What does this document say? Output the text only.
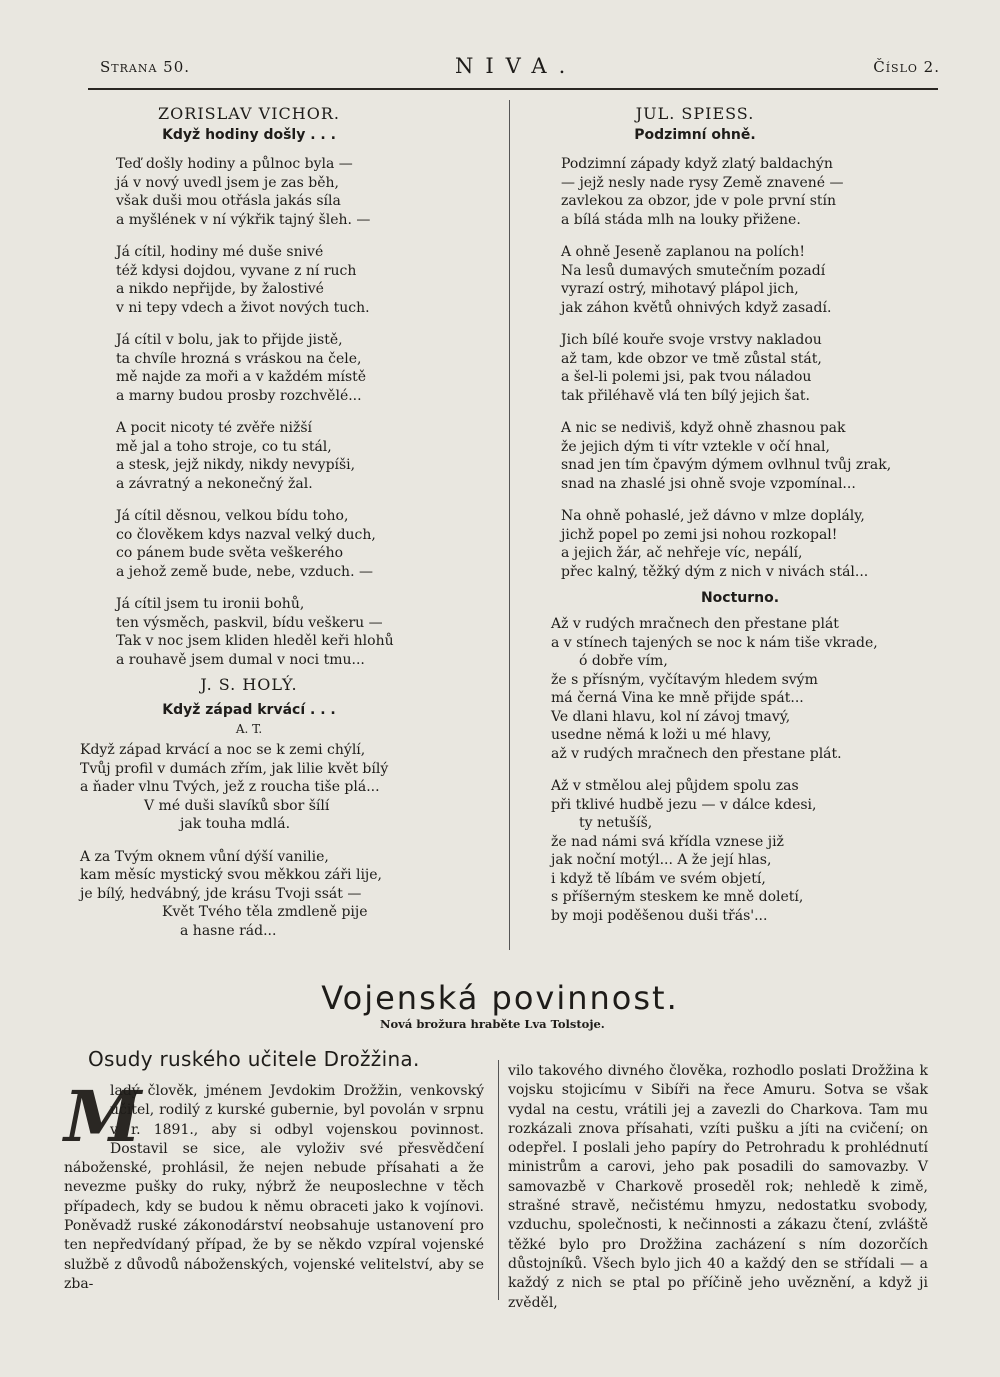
Strana 50.	NIVA.	Číslo 2.
ZORISLAV VICHOR.
Když hodiny došly . . .
Teď došly hodiny a půlnoc byla —
já v nový uvedl jsem je zas běh,
však duši mou otřásla jakás síla
a myšlének v ní výkřik tajný šleh. —
Já cítil, hodiny mé duše snivé
též kdysi dojdou, vyvane z ní ruch
a nikdo nepřijde, by žalostivé
v ni tepy vdech a život nových tuch.
Já cítil v bolu, jak to přijde jistě,
ta chvíle hrozná s vráskou na čele,
mě najde za moři a v každém místě
a marny budou prosby rozchvělé...
A pocit nicoty té zvěře nižší
mě jal a toho stroje, co tu stál,
a stesk, jejž nikdy, nikdy nevypíši,
a závratný a nekonečný žal.
Já cítil děsnou, velkou bídu toho,
co člověkem kdys nazval velký duch,
co pánem bude světa veškerého
a jehož země bude, nebe, vzduch. —
Já cítil jsem tu ironii bohů,
ten výsměch, paskvil, bídu veškeru —
Tak v noc jsem kliden hleděl keři hlohů
a rouhavě jsem dumal v noci tmu...
J. S. HOLÝ.
Když západ krvácí . . .
A. T.
Když západ krvácí a noc se k zemi chýlí,
Tvůj profil v dumách zřím, jak lilie květ bílý
a ňader vlnu Tvých, jež z roucha tiše plá...
V mé duši slavíků sbor šílí
jak touha mdlá.
A za Tvým oknem vůní dýší vanilie,
kam měsíc mystický svou měkkou záři lije,
je bílý, hedvábný, jde krásu Tvoji ssát —
Květ Tvého těla zmdleně pije
a hasne rád...
JUL. SPIESS.
Podzimní ohně.
Podzimní západy když zlatý baldachýn
— jejž nesly nade rysy Země znavené —
zavlekou za obzor, jde v pole první stín
a bílá stáda mlh na louky přižene.
A ohně Jeseně zaplanou na polích!
Na lesů dumavých smutečním pozadí
vyrazí ostrý, mihotavý plápol jich,
jak záhon květů ohnivých když zasadí.
Jich bílé kouře svoje vrstvy nakladou
až tam, kde obzor ve tmě zůstal stát,
a šel-li polemi jsi, pak tvou náladou
tak přiléhavě vlá ten bílý jejich šat.
A nic se nediviš, když ohně zhasnou pak
že jejich dým ti vítr vztekle v očí hnal,
snad jen tím čpavým dýmem ovlhnul tvůj zrak,
snad na zhaslé jsi ohně svoje vzpomínal...
Na ohně pohaslé, jež dávno v mlze doplály,
jichž popel po zemi jsi nohou rozkopal!
a jejich žár, ač nehřeje víc, nepálí,
přec kalný, těžký dým z nich v nivách stál...
Nocturno.
Až v rudých mračnech den přestane plát
a v stínech tajených se noc k nám tiše vkrade,
ó dobře vím,
že s přísným, vyčítavým hledem svým
má černá Vina ke mně přijde spát...
Ve dlani hlavu, kol ní závoj tmavý,
usedne němá k loži u mé hlavy,
až v rudých mračnech den přestane plát.
Až v stmělou alej půjdem spolu zas
při tklivé hudbě jezu — v dálce kdesi,
ty netušíš,
že nad námi svá křídla vznese již
jak noční motýl... A že její hlas,
i když tě líbám ve svém objetí,
s příšerným steskem ke mně doletí,
by moji poděšenou duši třás'...
Vojenská povinnost.
Nová brožura hraběte Lva Tolstoje.
Osudy ruského učitele Drožžina.
M
ladý člověk, jménem Jevdokim Drožžin, venkovský učitel, rodilý z kurské gubernie, byl povolán v srpnu v r. 1891., aby si odbyl vojenskou povinnost. Dostavil se sice, ale vyloživ své přesvědčení náboženské, prohlásil, že nejen nebude přísahati a že nevezme pušky do ruky, nýbrž že neuposlechne v těch případech, kdy se budou k němu obraceti jako k vojínovi. Poněvadž ruské zákonodárství neobsahuje ustanovení pro ten nepředvídaný případ, že by se někdo vzpíral vojenské službě z důvodů náboženských, vojenské velitelství, aby se zba-
vilo takového divného člověka, rozhodlo poslati Drožžina k vojsku stojicímu v Sibíři na řece Amuru. Sotva se však vydal na cestu, vrátili jej a zavezli do Charkova. Tam mu rozkázali znova přísahati, vzíti pušku a jíti na cvičení; on odepřel. I poslali jeho papíry do Petrohradu k prohlédnutí ministrům a carovi, jeho pak posadili do samovazby. V samovazbě v Charkově proseděl rok; nehledě k zimě, strašné stravě, nečistému hmyzu, nedostatku svobody, vzduchu, společnosti, k nečinnosti a zákazu čtení, zvláště těžké bylo pro Drožžina zacházení s ním dozorčích důstojníků. Všech bylo jich 40 a každý den se střídali — a každý z nich se ptal po příčině jeho uvěznění, a když ji zvěděl,
